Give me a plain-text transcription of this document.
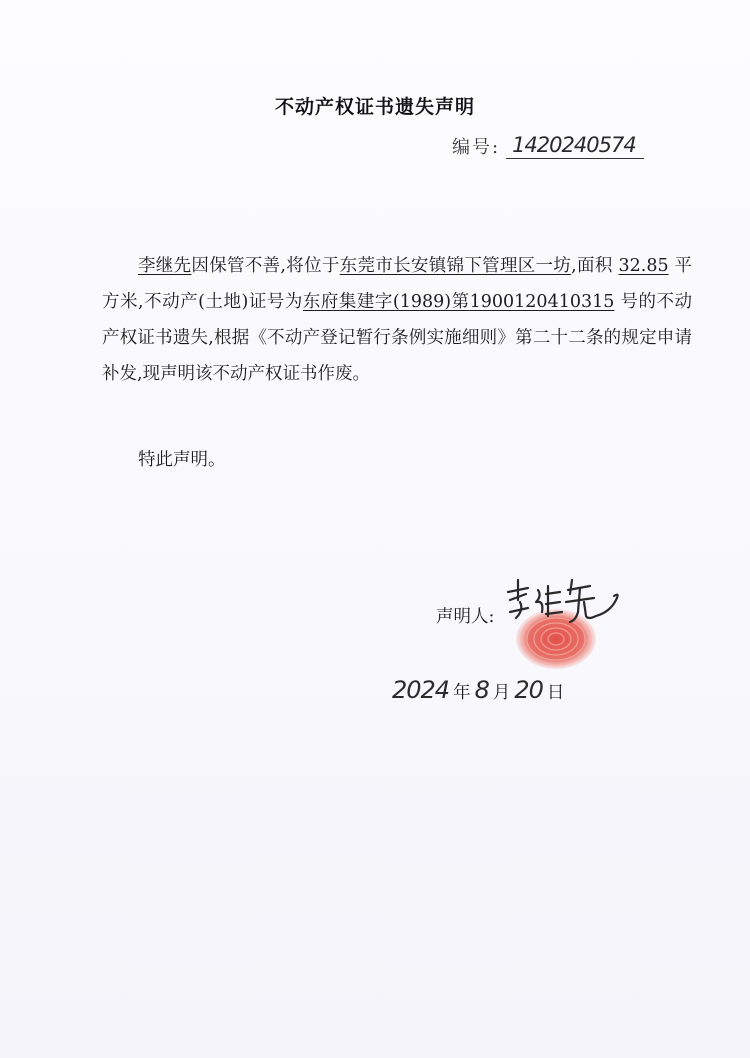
不动产权证书遗失声明
编号: 1420240574

李继先因保管不善,将位于东莞市长安镇锦下管理区一坊,面积 32.85 平方米,不动产(土地)证号为东府集建字(1989)第1900120410315 号的不动产权证书遗失,根据《不动产登记暂行条例实施细则》第二十二条的规定申请补发,现声明该不动产权证书作废。

特此声明。
声明人:
2024 年 8 月 20 日
